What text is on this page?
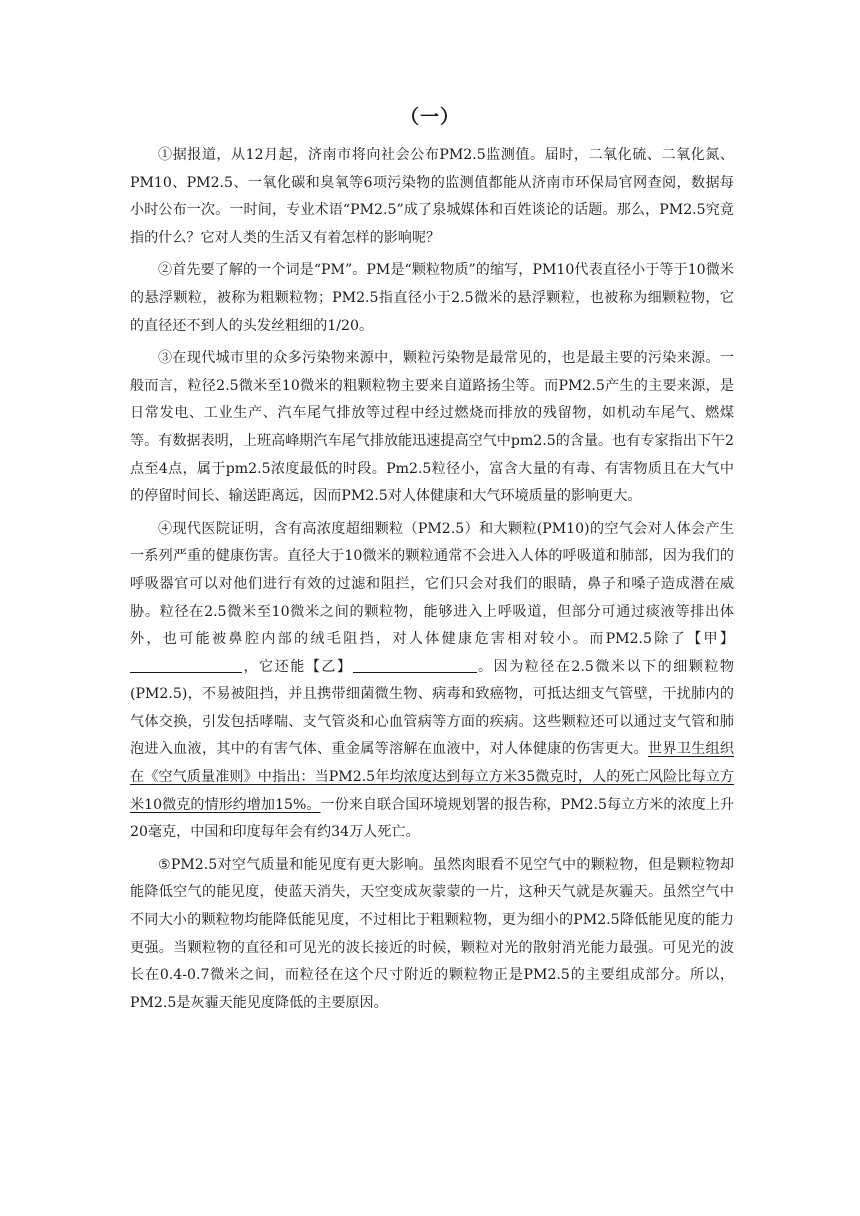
（一）

①据报道，从12月起，济南市将向社会公布PM2.5监测值。届时，二氧化硫、二氧化氮、PM10、PM2.5、一氧化碳和臭氧等6项污染物的监测值都能从济南市环保局官网查阅，数据每小时公布一次。一时间，专业术语“PM2.5”成了泉城媒体和百姓谈论的话题。那么，PM2.5究竟指的什么？它对人类的生活又有着怎样的影响呢？

②首先要了解的一个词是“PM”。PM是“颗粒物质”的缩写，PM10代表直径小于等于10微米的悬浮颗粒，被称为粗颗粒物；PM2.5指直径小于2.5微米的悬浮颗粒，也被称为细颗粒物，它的直径还不到人的头发丝粗细的1/20。

③在现代城市里的众多污染物来源中，颗粒污染物是最常见的，也是最主要的污染来源。一般而言，粒径2.5微米至10微米的粗颗粒物主要来自道路扬尘等。而PM2.5产生的主要来源，是日常发电、工业生产、汽车尾气排放等过程中经过燃烧而排放的残留物，如机动车尾气、燃煤等。有数据表明，上班高峰期汽车尾气排放能迅速提高空气中pm2.5的含量。也有专家指出下午2点至4点，属于pm2.5浓度最低的时段。Pm2.5粒径小，富含大量的有毒、有害物质且在大气中的停留时间长、输送距离远，因而PM2.5对人体健康和大气环境质量的影响更大。

④现代医院证明，含有高浓度超细颗粒（PM2.5）和大颗粒(PM10)的空气会对人体会产生一系列严重的健康伤害。直径大于10微米的颗粒通常不会进入人体的呼吸道和肺部，因为我们的呼吸器官可以对他们进行有效的过滤和阻拦，它们只会对我们的眼睛，鼻子和嗓子造成潜在威胁。粒径在2.5微米至10微米之间的颗粒物，能够进入上呼吸道，但部分可通过痰液等排出体外，也可能被鼻腔内部的绒毛阻挡，对人体健康危害相对较小。而PM2.5除了【甲】，它还能【乙】	。因为粒径在2.5微米以下的细颗粒物(PM2.5)，不易被阻挡，并且携带细菌微生物、病毒和致癌物，可抵达细支气管壁，干扰肺内的气体交换，引发包括哮喘、支气管炎和心血管病等方面的疾病。这些颗粒还可以通过支气管和肺泡进入血液，其中的有害气体、重金属等溶解在血液中，对人体健康的伤害更大。世界卫生组织在《空气质量准则》中指出：当PM2.5年均浓度达到每立方米35微克时，人的死亡风险比每立方米10微克的情形约增加15%。一份来自联合国环境规划署的报告称，PM2.5每立方米的浓度上升20毫克，中国和印度每年会有约34万人死亡。

⑤PM2.5对空气质量和能见度有更大影响。虽然肉眼看不见空气中的颗粒物，但是颗粒物却能降低空气的能见度，使蓝天消失，天空变成灰蒙蒙的一片，这种天气就是灰霾天。虽然空气中不同大小的颗粒物均能降低能见度，不过相比于粗颗粒物，更为细小的PM2.5降低能见度的能力更强。当颗粒物的直径和可见光的波长接近的时候，颗粒对光的散射消光能力最强。可见光的波长在0.4-0.7微米之间，而粒径在这个尺寸附近的颗粒物正是PM2.5的主要组成部分。所以，PM2.5是灰霾天能见度降低的主要原因。
